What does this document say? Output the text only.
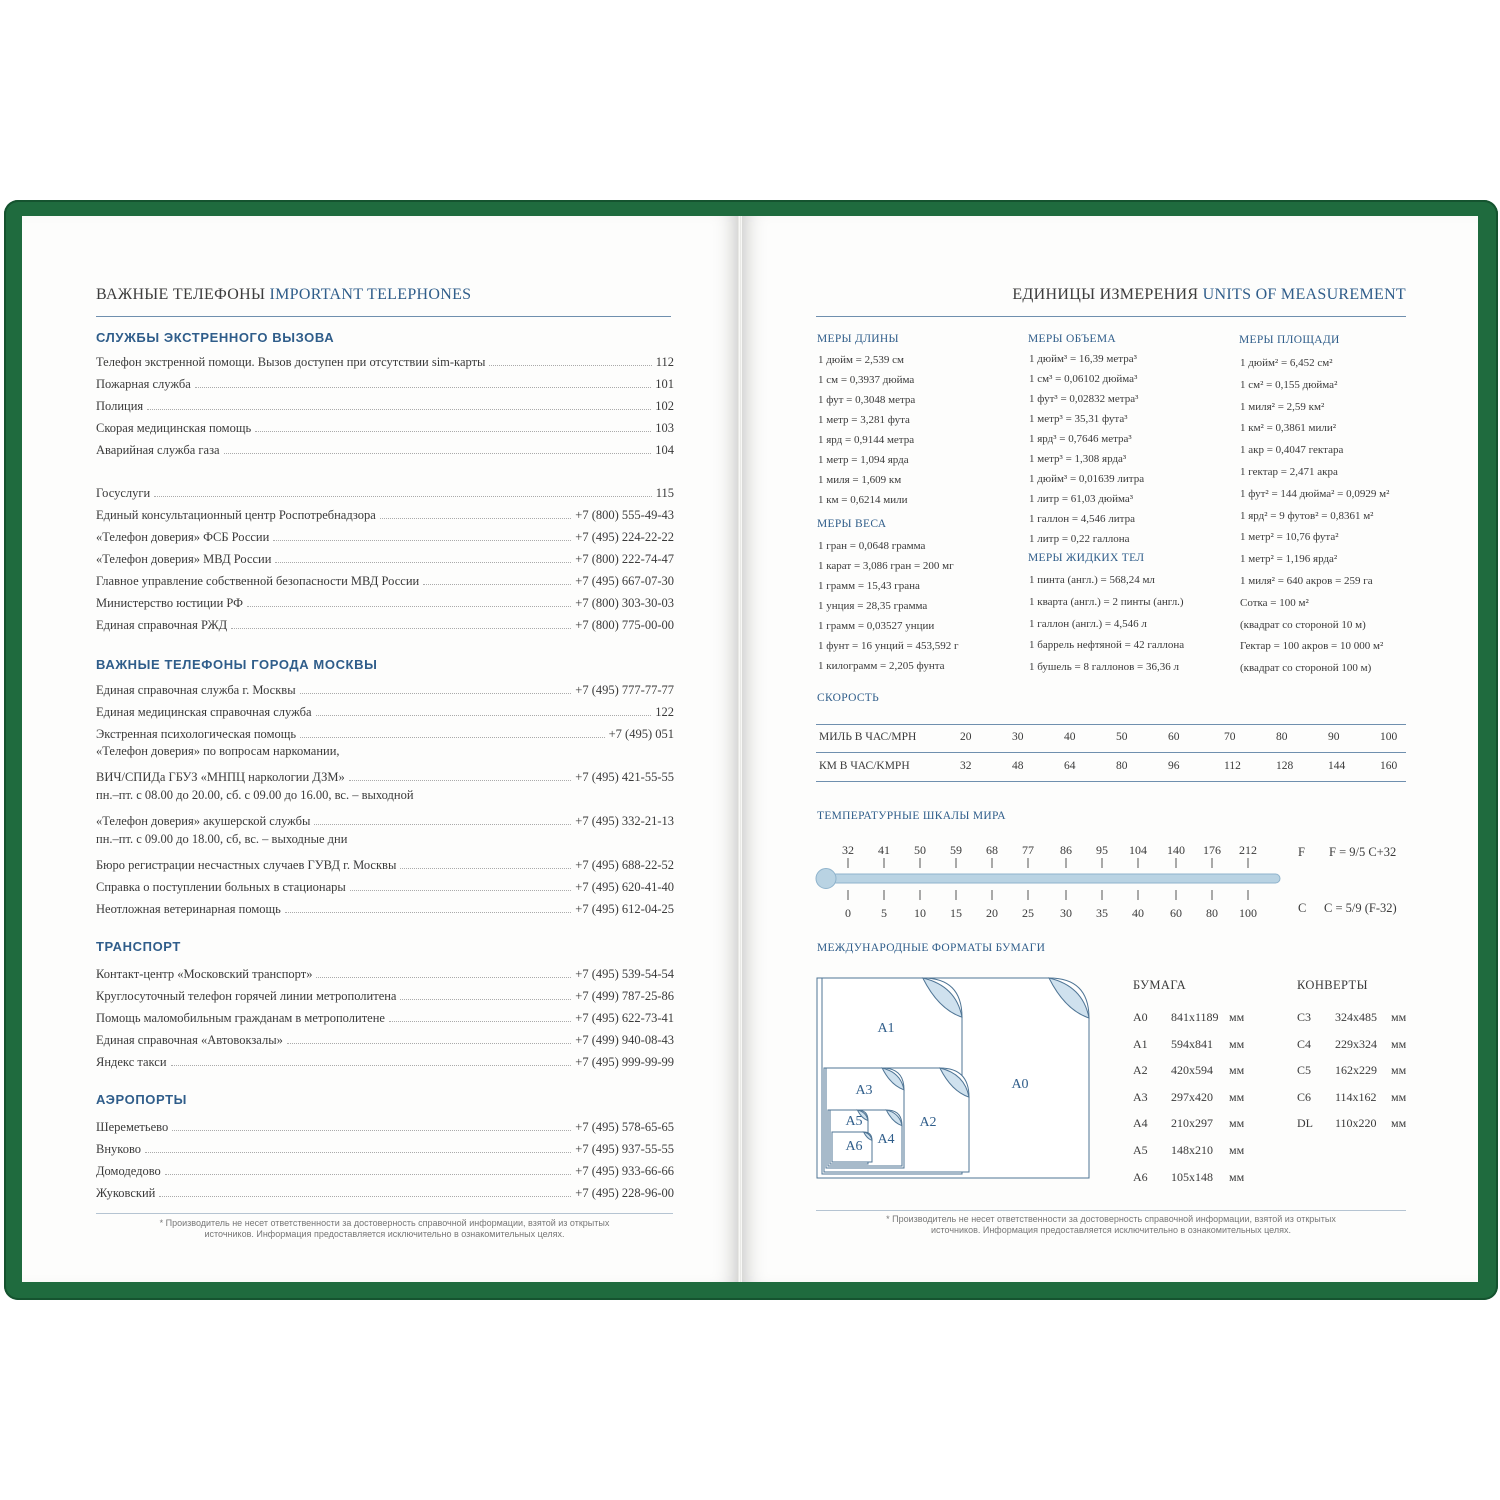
ВАЖНЫЕ ТЕЛЕФОНЫ IMPORTANT TELEPHONES
СЛУЖБЫ ЭКСТРЕННОГО ВЫЗОВА
Телефон экстренной помощи. Вызов доступен при отсутствии sim-карты	112
Пожарная служба	101
Полиция	102
Скорая медицинская помощь	103
Аварийная служба газа	104
Госуслуги	115
Единый консультационный центр Роспотребнадзора	+7 (800) 555-49-43
«Телефон доверия» ФСБ России	+7 (495) 224-22-22
«Телефон доверия» МВД России	+7 (800) 222-74-47
Главное управление собственной безопасности МВД России	+7 (495) 667-07-30
Министерство юстиции РФ	+7 (800) 303-30-03
Единая справочная РЖД	+7 (800) 775-00-00
ВАЖНЫЕ ТЕЛЕФОНЫ ГОРОДА МОСКВЫ
Единая справочная служба г. Москвы	+7 (495) 777-77-77
Единая медицинская справочная служба	122
Экстренная психологическая помощь	+7 (495) 051
«Телефон доверия» по вопросам наркомании,
ВИЧ/СПИДа ГБУЗ «МНПЦ наркологии ДЗМ»	+7 (495) 421-55-55
пн.–пт. с 08.00 до 20.00, сб. с 09.00 до 16.00, вс. – выходной
«Телефон доверия» акушерской службы	+7 (495) 332-21-13
пн.–пт. с 09.00 до 18.00, сб, вс. – выходные дни
Бюро регистрации несчастных случаев ГУВД г. Москвы	+7 (495) 688-22-52
Справка о поступлении больных в стационары	+7 (495) 620-41-40
Неотложная ветеринарная помощь	+7 (495) 612-04-25
ТРАНСПОРТ
Контакт-центр «Московский транспорт»	+7 (495) 539-54-54
Круглосуточный телефон горячей линии метрополитена	+7 (499) 787-25-86
Помощь маломобильным гражданам в метрополитене	+7 (495) 622-73-41
Единая справочная «Автовокзалы»	+7 (499) 940-08-43
Яндекс такси	+7 (495) 999-99-99
АЭРОПОРТЫ
Шереметьево	+7 (495) 578-65-65
Внуково	+7 (495) 937-55-55
Домодедово	+7 (495) 933-66-66
Жуковский	+7 (495) 228-96-00
* Производитель не несет ответственности за достоверность справочной информации, взятой из открытых
источников. Информация предоставляется исключительно в ознакомительных целях.
ЕДИНИЦЫ ИЗМЕРЕНИЯ UNITS OF MEASUREMENT
МЕРЫ ДЛИНЫ
1 дюйм = 2,539 см
1 см = 0,3937 дюйма
1 фут = 0,3048 метра
1 метр = 3,281 фута
1 ярд = 0,9144 метра
1 метр = 1,094 ярда
1 миля = 1,609 км
1 км = 0,6214 мили
МЕРЫ ВЕСА
1 гран = 0,0648 грамма
1 карат = 3,086 гран = 200 мг
1 грамм = 15,43 грана
1 унция = 28,35 грамма
1 грамм = 0,03527 унции
1 фунт = 16 унций = 453,592 г
1 килограмм = 2,205 фунта
МЕРЫ ОБЪЕМА
1 дюйм³ = 16,39 метра³
1 см³ = 0,06102 дюйма³
1 фут³ = 0,02832 метра³
1 метр³ = 35,31 фута³
1 ярд³ = 0,7646 метра³
1 метр³ = 1,308 ярда³
1 дюйм³ = 0,01639 литра
1 литр = 61,03 дюйма³
1 галлон = 4,546 литра
1 литр = 0,22 галлона
МЕРЫ ЖИДКИХ ТЕЛ
1 пинта (англ.) = 568,24 мл
1 кварта (англ.) = 2 пинты (англ.)
1 галлон (англ.) = 4,546 л
1 баррель нефтяной = 42 галлона
1 бушель = 8 галлонов = 36,36 л
МЕРЫ ПЛОЩАДИ
1 дюйм² = 6,452 см²
1 см² = 0,155 дюйма²
1 миля² = 2,59 км²
1 км² = 0,3861 мили²
1 акр = 0,4047 гектара
1 гектар = 2,471 акра
1 фут² = 144 дюйма² = 0,0929 м²
1 ярд² = 9 футов² = 0,8361 м²
1 метр² = 10,76 фута²
1 метр² = 1,196 ярда²
1 миля² = 640 акров = 259 га
Сотка = 100 м²
(квадрат со стороной 10 м)
Гектар = 100 акров = 10 000 м²
(квадрат со стороной 100 м)
СКОРОСТЬ
МИЛЬ В ЧАС/MPH	20	30	40	50	60	70	80	90	100
КМ В ЧАС/KMPH	32	48	64	80	96	112	128	144	160
ТЕМПЕРАТУРНЫЕ ШКАЛЫ МИРА
32
0
41
5
50
10
59
15
68
20
77
25
86
30
95
35
104
40
140
60
176
80
212
100
F F = 9/5 C+32
C C = 5/9 (F-32)
МЕЖДУНАРОДНЫЕ ФОРМАТЫ БУМАГИ
A0
A1
A2
A3
A4
A5
A6
БУМАГА
A0 841x1189 мм
A1 594x841 мм
A2 420x594 мм
A3 297x420 мм
A4 210x297 мм
A5 148x210 мм
A6 105x148 мм
КОНВЕРТЫ
C3 324x485 мм
C4 229x324 мм
C5 162x229 мм
C6 114x162 мм
DL 110x220 мм
* Производитель не несет ответственности за достоверность справочной информации, взятой из открытых
источников. Информация предоставляется исключительно в ознакомительных целях.
